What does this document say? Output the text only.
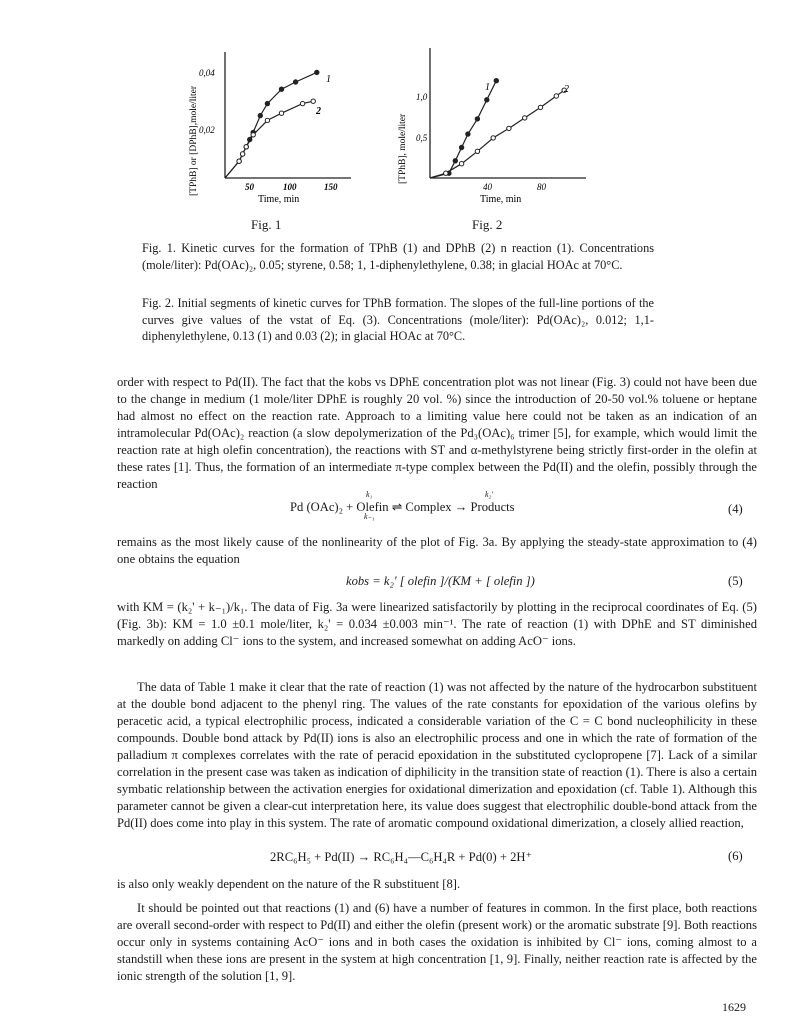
[TPhB] or [DPhB],mole/liter
0,04
0,02
50	100	150
Time, min
1
2
Fig. 1
[TPhB], mole/liter
1,0
0,5
40	80
Time, min
1	2
Fig. 2
Fig. 1. Kinetic curves for the formation of TPhB (1) and DPhB (2) n reaction (1). Concentrations (mole/liter): Pd(OAc)₂, 0.05; styrene, 0.58; 1, 1-diphenylethylene, 0.38; in glacial HOAc at 70°C.
Fig. 2. Initial segments of kinetic curves for TPhB formation. The slopes of the full-line portions of the curves give values of the vstat of Eq. (3). Concentrations (mole/liter): Pd(OAc)₂, 0.012; 1,1-diphenylethylene, 0.13 (1) and 0.03 (2); in glacial HOAc at 70°C.
order with respect to Pd(II). The fact that the kobs vs DPhE concentration plot was not linear (Fig. 3) could not have been due to the change in medium (1 mole/liter DPhE is roughly 20 vol. %) since the introduction of 20-50 vol.% toluene or heptane had almost no effect on the reaction rate. Approach to a limiting value here could not be taken as an indication of an intramolecular Pd(OAc)₂ reaction (a slow depolymerization of the Pd₃(OAc)₆ trimer [5], for example, which would limit the reaction rate at high olefin concentration), the reactions with ST and α-methylstyrene being strictly first-order in the olefin at these rates [1]. Thus, the formation of an intermediate π-type complex between the Pd(II) and the olefin, possibly through the reaction
Pd (OAc)₂ + Olefin ⇌ Complex → Products
k₁
k₋₁
k₂'
(4)
remains as the most likely cause of the nonlinearity of the plot of Fig. 3a. By applying the steady-state approximation to (4) one obtains the equation
kobs = k₂' [ olefin ]/(KM + [ olefin ])	(5)
with KM = (k₂' + k₋₁)/k₁. The data of Fig. 3a were linearized satisfactorily by plotting in the reciprocal coordinates of Eq. (5) (Fig. 3b): KM = 1.0 ±0.1 mole/liter, k₂' = 0.034 ±0.003 min⁻¹. The rate of reaction (1) with DPhE and ST diminished markedly on adding Cl⁻ ions to the system, and increased somewhat on adding AcO⁻ ions.
The data of Table 1 make it clear that the rate of reaction (1) was not affected by the nature of the hydrocarbon substituent at the double bond adjacent to the phenyl ring. The values of the rate constants for epoxidation of the various olefins by peracetic acid, a typical electrophilic process, indicated a considerable variation of the C = C bond nucleophilicity in these compounds. Double bond attack by Pd(II) ions is also an electrophilic process and one in which the rate of formation of the palladium π complexes correlates with the rate of peracid epoxidation in the substituted cyclopropene [7]. Lack of a similar correlation in the present case was taken as indication of diphilicity in the transition state of reaction (1). There is also a certain symbatic relationship between the activation energies for oxidational dimerization and epoxidation (cf. Table 1). Although this parameter cannot be given a clear-cut interpretation here, its value does suggest that electrophilic double-bond attack from the Pd(II) does come into play in this system. The rate of aromatic compound oxidational dimerization, a closely allied reaction,
2RC₆H₅ + Pd(II) → RC₆H₄—C₆H₄R + Pd(0) + 2H⁺	(6)
is also only weakly dependent on the nature of the R substituent [8].
It should be pointed out that reactions (1) and (6) have a number of features in common. In the first place, both reactions are overall second-order with respect to Pd(II) and either the olefin (present work) or the aromatic substrate [9]. Both reactions occur only in systems containing AcO⁻ ions and in both cases the oxidation is inhibited by Cl⁻ ions, coming almost to a standstill when these ions are present in the system at high concentration [1, 9]. Finally, neither reaction rate is affected by the ionic strength of the solution [1, 9].
1629
